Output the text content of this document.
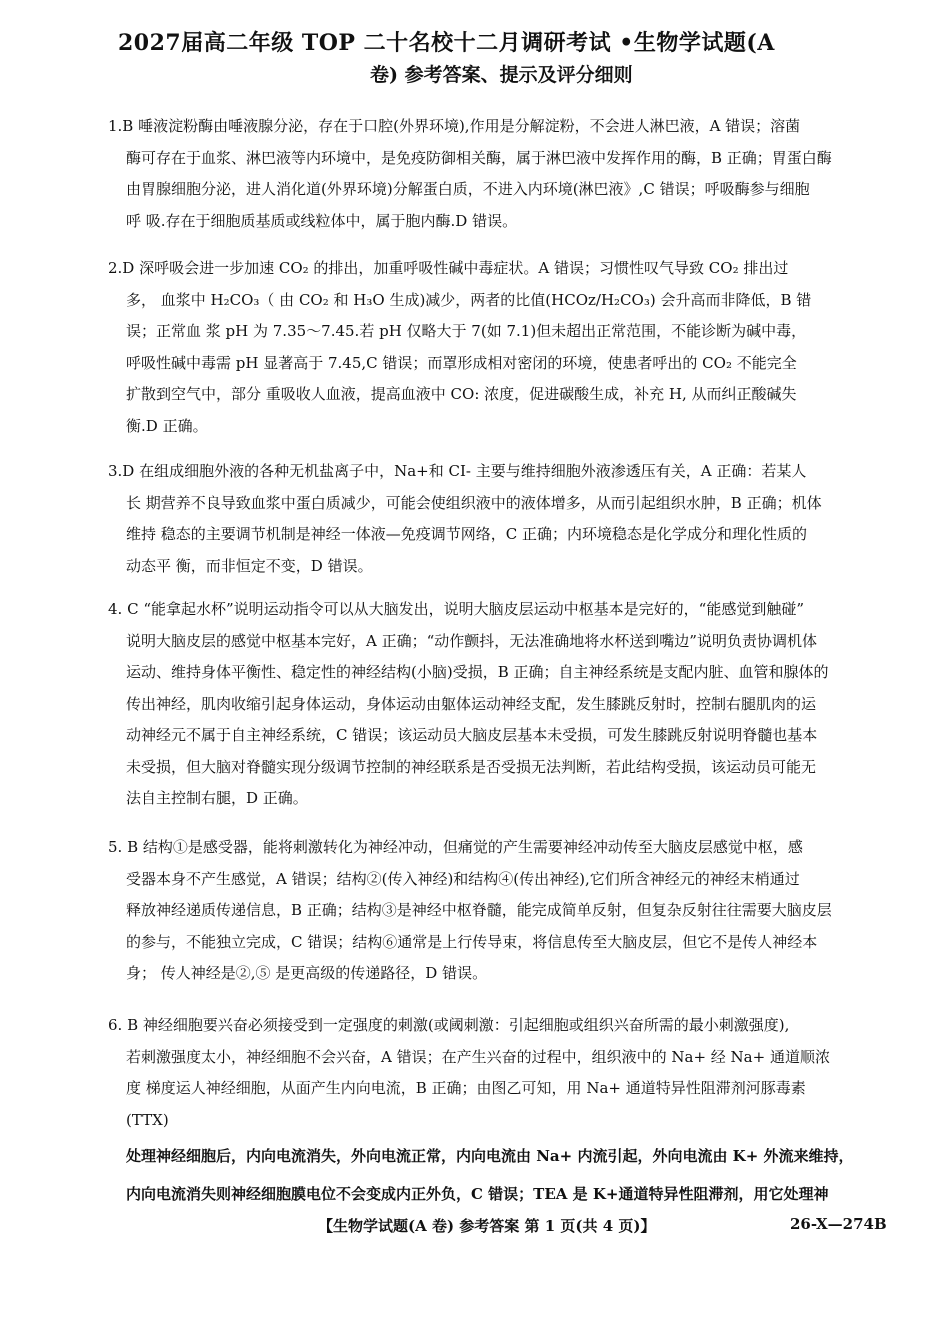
2027届高二年级 TOP 二十名校十二月调研考试 •生物学试题(A
卷) 参考答案、提示及评分细则
1.B 唾液淀粉酶由唾液腺分泌，存在于口腔(外界环境),作用是分解淀粉，不会进人淋巴液，A 错误；溶菌
酶可存在于血浆、淋巴液等内环境中，是免疫防御相关酶，属于淋巴液中发挥作用的酶，B 正确；胃蛋白酶
由胃腺细胞分泌，进人消化道(外界环境)分解蛋白质，不进入内环境(淋巴液》,C 错误；呼吸酶参与细胞
呼 吸.存在于细胞质基质或线粒体中，属于胞内酶.D 错误。
2.D 深呼吸会进一步加速 CO₂ 的排出，加重呼吸性碱中毒症状。A 错误；习惯性叹气导致 CO₂ 排出过
多， 血浆中 H₂CO₃（ 由 CO₂ 和 H₃O 生成)减少，两者的比值(HCOz/H₂CO₃) 会升高而非降低，B 错
误；正常血 浆 pH 为 7.35～7.45.若 pH 仅略大于 7(如 7.1)但未超出正常范围，不能诊断为碱中毒，
呼吸性碱中毒需 pH 显著高于 7.45,C 错误；而罩形成相对密闭的环境，使患者呼出的 CO₂ 不能完全
扩散到空气中，部分 重吸收人血液，提高血液中 CO: 浓度，促进碳酸生成，补充 H, 从而纠正酸碱失
衡.D 正确。
3.D 在组成细胞外液的各种无机盐离子中，Na+和 CI- 主要与维持细胞外液渗透压有关，A 正确：若某人
长 期营养不良导致血浆中蛋白质减少，可能会使组织液中的液体增多，从而引起组织水肿，B 正确；机体
维持 稳态的主要调节机制是神经一体液—免疫调节网络，C 正确；内环境稳态是化学成分和理化性质的
动态平 衡，而非恒定不变，D 错误。
4. C “能拿起水杯”说明运动指令可以从大脑发出，说明大脑皮层运动中枢基本是完好的，“能感觉到触碰”
说明大脑皮层的感觉中枢基本完好，A 正确；“动作颤抖，无法准确地将水杯送到嘴边”说明负责协调机体
运动、维持身体平衡性、稳定性的神经结构(小脑)受损，B 正确；自主神经系统是支配内脏、血管和腺体的
传出神经，肌肉收缩引起身体运动，身体运动由躯体运动神经支配，发生膝跳反射时，控制右腿肌肉的运
动神经元不属于自主神经系统，C 错误；该运动员大脑皮层基本未受损，可发生膝跳反射说明脊髓也基本
未受损，但大脑对脊髓实现分级调节控制的神经联系是否受损无法判断，若此结构受损，该运动员可能无
法自主控制右腿，D 正确。
5. B 结构①是感受器，能将刺激转化为神经冲动，但痛觉的产生需要神经冲动传至大脑皮层感觉中枢，感
受器本身不产生感觉，A 错误；结构②(传入神经)和结构④(传出神经),它们所含神经元的神经末梢通过
释放神经递质传递信息，B 正确；结构③是神经中枢脊髓，能完成简单反射，但复杂反射往往需要大脑皮层
的参与，不能独立完成，C 错误；结构⑥通常是上行传导束，将信息传至大脑皮层，但它不是传人神经本
身； 传人神经是②,⑤ 是更高级的传递路径，D 错误。
6. B 神经细胞要兴奋必须接受到一定强度的刺激(或阈刺激：引起细胞或组织兴奋所需的最小刺激强度),
若刺激强度太小，神经细胞不会兴奋，A 错误；在产生兴奋的过程中，组织液中的 Na+ 经 Na+ 通道顺浓
度 梯度运人神经细胞，从面产生内向电流，B 正确；由图乙可知，用 Na+ 通道特异性阻滞剂河豚毒素
(TTX)
处理神经细胞后，内向电流消失，外向电流正常，内向电流由 Na+ 内流引起，外向电流由 K+ 外流来维持，
内向电流消失则神经细胞膜电位不会变成内正外负，C 错误；TEA 是 K+通道特异性阻滞剂，用它处理神
【生物学试题(A 卷) 参考答案 第 1 页(共 4 页)】	26-X—274B
